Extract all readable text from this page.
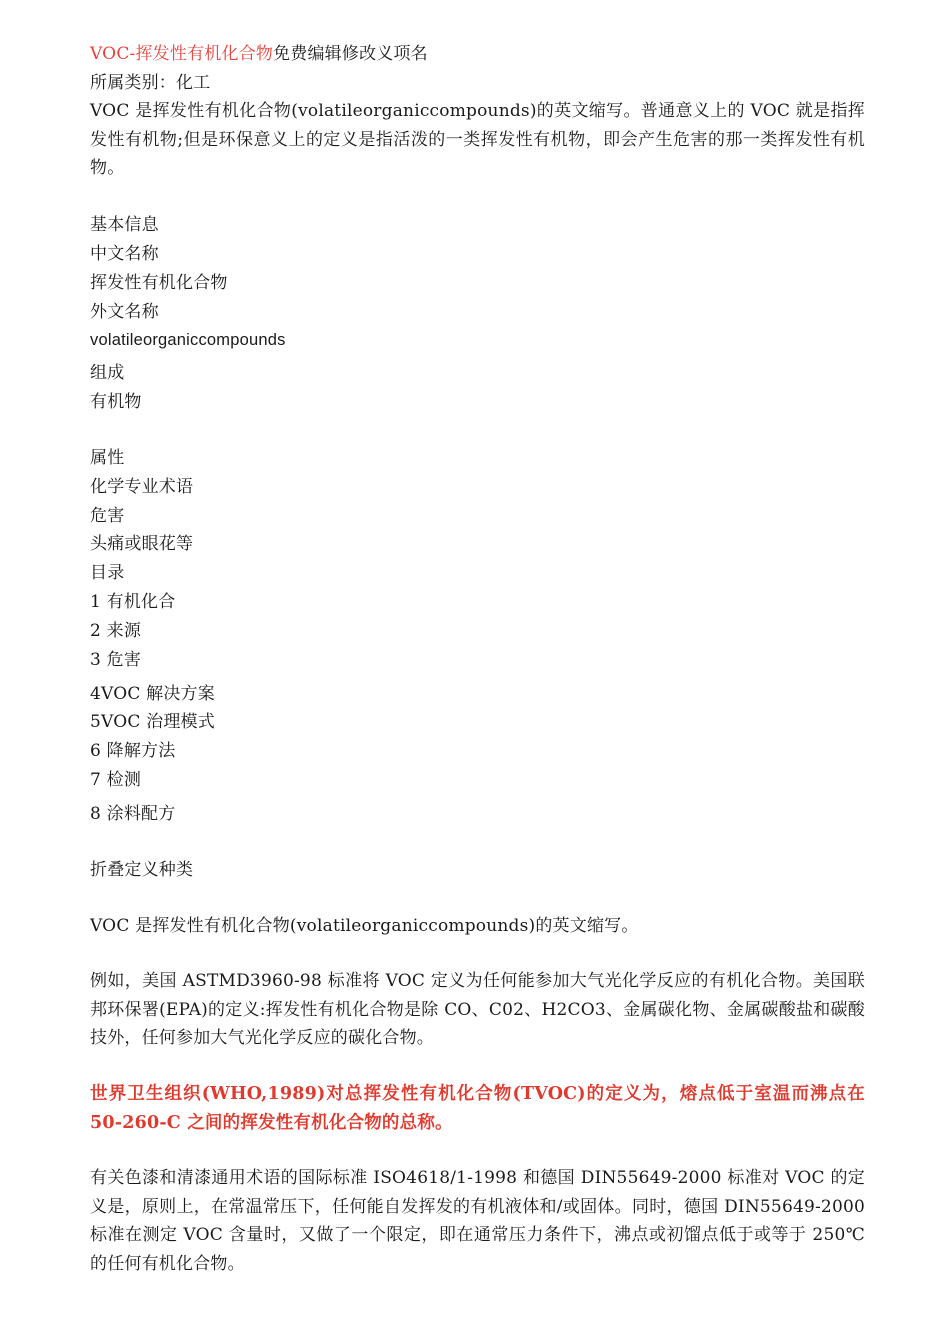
VOC-挥发性有机化合物免费编辑修改义项名
所属类别：化工
VOC 是挥发性有机化合物(volatileorganiccompounds)的英文缩写。普通意义上的 VOC 就是指挥发性有机物;但是环保意义上的定义是指活泼的一类挥发性有机物，即会产生危害的那一类挥发性有机物。
基本信息
中文名称
挥发性有机化合物
外文名称
volatileorganiccompounds
组成
有机物
属性
化学专业术语
危害
头痛或眼花等
目录
1 有机化合
2 来源
3 危害
4VOC 解决方案
5VOC 治理模式
6 降解方法
7 检测
8 涂料配方
折叠定义种类
VOC 是挥发性有机化合物(volatileorganiccompounds)的英文缩写。
例如，美国 ASTMD3960-98 标准将 VOC 定义为任何能参加大气光化学反应的有机化合物。美国联邦环保署(EPA)的定义:挥发性有机化合物是除 CO、C02、H2CO3、金属碳化物、金属碳酸盐和碳酸技外，任何参加大气光化学反应的碳化合物。
世界卫生组织(WHO,1989)对总挥发性有机化合物(TVOC)的定义为，熔点低于室温而沸点在 50-260-C 之间的挥发性有机化合物的总称。
有关色漆和清漆通用术语的国际标准 ISO4618/1-1998 和德国 DIN55649-2000 标准对 VOC 的定义是，原则上，在常温常压下，任何能自发挥发的有机液体和/或固体。同时，德国 DIN55649-2000 标准在测定 VOC 含量时，又做了一个限定，即在通常压力条件下，沸点或初馏点低于或等于 250℃的任何有机化合物。
